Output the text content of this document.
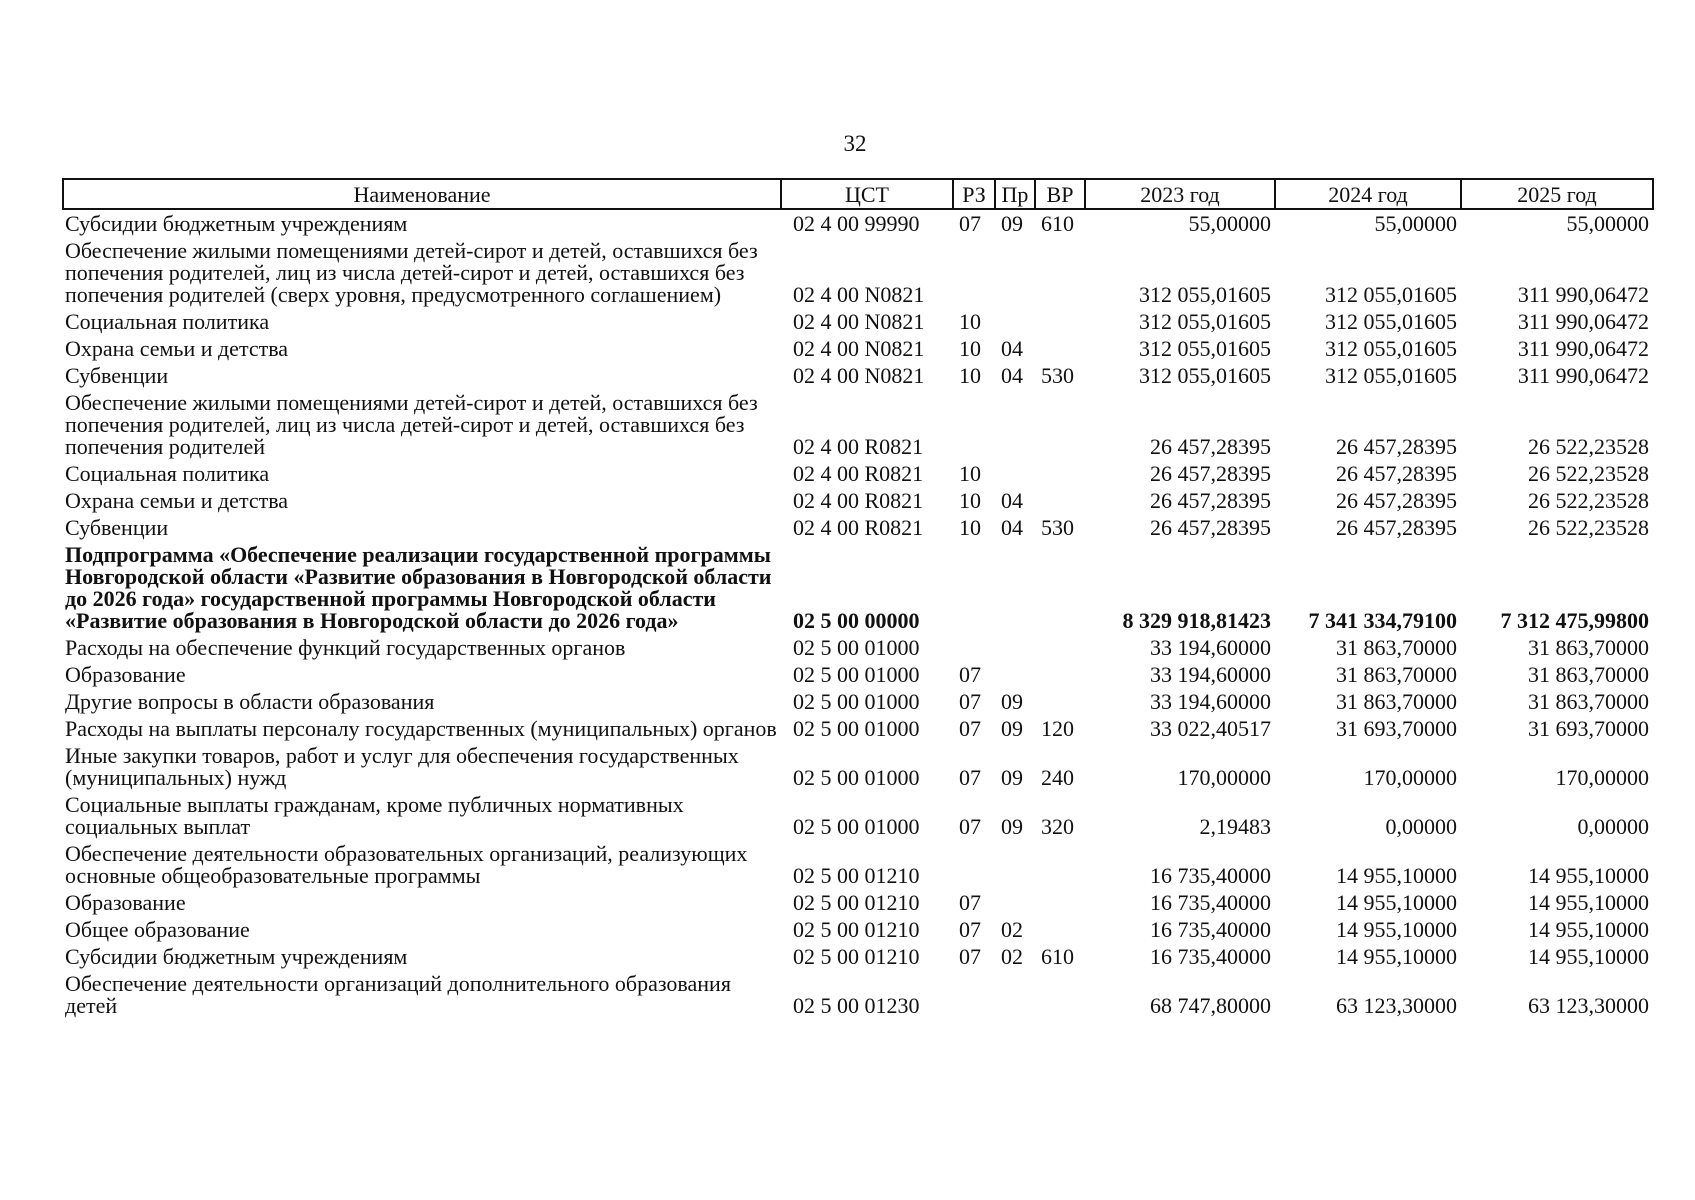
32
Наименование	ЦСТ	РЗ	Пр	ВР	2023 год	2024 год	2025 год
Субсидии бюджетным учреждениям	02 4 00 99990	07	09	610	55,00000	55,00000	55,00000
Обеспечение жилыми помещениями детей-сирот и детей, оставшихся без попечения родителей, лиц из числа детей-сирот и детей, оставшихся без попечения родителей (сверх уровня, предусмотренного соглашением)	02 4 00 N0821				312 055,01605	312 055,01605	311 990,06472
Социальная политика	02 4 00 N0821	10			312 055,01605	312 055,01605	311 990,06472
Охрана семьи и детства	02 4 00 N0821	10	04		312 055,01605	312 055,01605	311 990,06472
Субвенции	02 4 00 N0821	10	04	530	312 055,01605	312 055,01605	311 990,06472
Обеспечение жилыми помещениями детей-сирот и детей, оставшихся без попечения родителей, лиц из числа детей-сирот и детей, оставшихся без попечения родителей	02 4 00 R0821				26 457,28395	26 457,28395	26 522,23528
Социальная политика	02 4 00 R0821	10			26 457,28395	26 457,28395	26 522,23528
Охрана семьи и детства	02 4 00 R0821	10	04		26 457,28395	26 457,28395	26 522,23528
Субвенции	02 4 00 R0821	10	04	530	26 457,28395	26 457,28395	26 522,23528
Подпрограмма «Обеспечение реализации государственной программы Новгородской области «Развитие образования в Новгородской области до 2026 года» государственной программы Новгородской области «Развитие образования в Новгородской области до 2026 года»	02 5 00 00000				8 329 918,81423	7 341 334,79100	7 312 475,99800
Расходы на обеспечение функций государственных органов	02 5 00 01000				33 194,60000	31 863,70000	31 863,70000
Образование	02 5 00 01000	07			33 194,60000	31 863,70000	31 863,70000
Другие вопросы в области образования	02 5 00 01000	07	09		33 194,60000	31 863,70000	31 863,70000
Расходы на выплаты персоналу государственных (муниципальных) органов	02 5 00 01000	07	09	120	33 022,40517	31 693,70000	31 693,70000
Иные закупки товаров, работ и услуг для обеспечения государственных (муниципальных) нужд	02 5 00 01000	07	09	240	170,00000	170,00000	170,00000
Социальные выплаты гражданам, кроме публичных нормативных социальных выплат	02 5 00 01000	07	09	320	2,19483	0,00000	0,00000
Обеспечение деятельности образовательных организаций, реализующих основные общеобразовательные программы	02 5 00 01210				16 735,40000	14 955,10000	14 955,10000
Образование	02 5 00 01210	07			16 735,40000	14 955,10000	14 955,10000
Общее образование	02 5 00 01210	07	02		16 735,40000	14 955,10000	14 955,10000
Субсидии бюджетным учреждениям	02 5 00 01210	07	02	610	16 735,40000	14 955,10000	14 955,10000
Обеспечение деятельности организаций дополнительного образования детей	02 5 00 01230				68 747,80000	63 123,30000	63 123,30000
